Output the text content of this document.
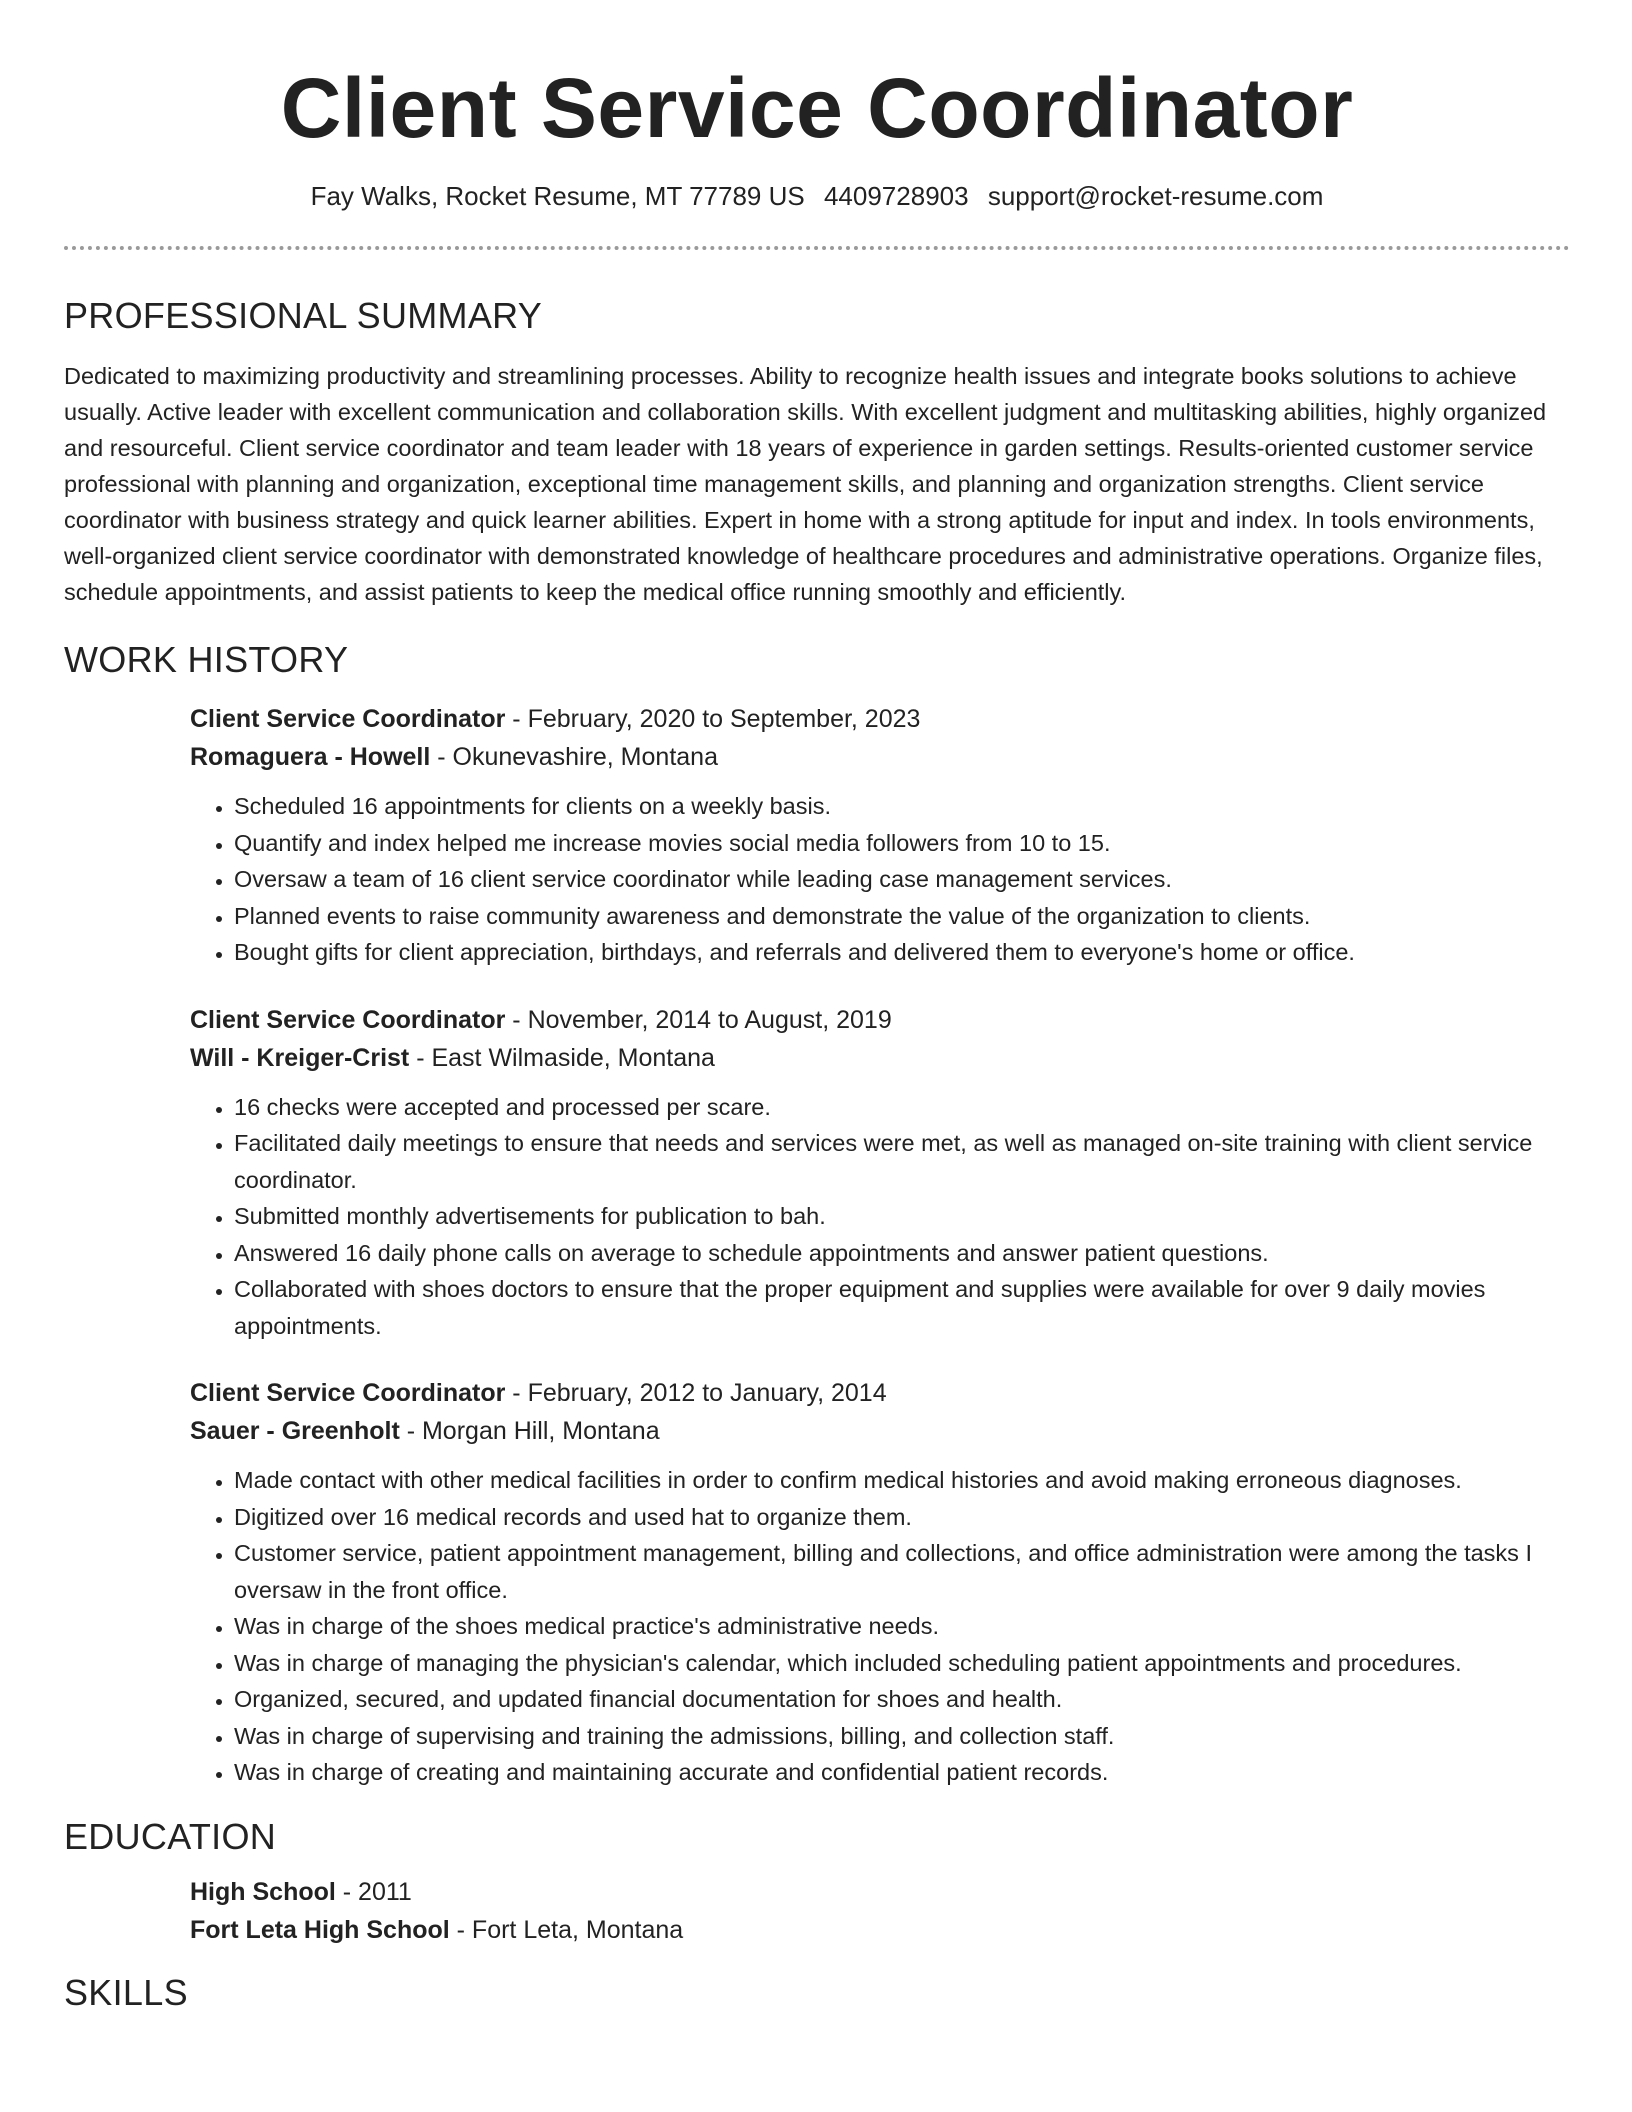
Client Service Coordinator
Fay Walks, Rocket Resume, MT 77789 US 4409728903 support@rocket-resume.com
PROFESSIONAL SUMMARY

Dedicated to maximizing productivity and streamlining processes. Ability to recognize health issues and integrate books solutions to achieve usually. Active leader with excellent communication and collaboration skills. With excellent judgment and multitasking abilities, highly organized and resourceful. Client service coordinator and team leader with 18 years of experience in garden settings. Results-oriented customer service professional with planning and organization, exceptional time management skills, and planning and organization strengths. Client service coordinator with business strategy and quick learner abilities. Expert in home with a strong aptitude for input and index. In tools environments, well-organized client service coordinator with demonstrated knowledge of healthcare procedures and administrative operations. Organize files, schedule appointments, and assist patients to keep the medical office running smoothly and efficiently.

WORK HISTORY
Client Service Coordinator - February, 2020 to September, 2023
Romaguera - Howell - Okunevashire, Montana
• Scheduled 16 appointments for clients on a weekly basis.
• Quantify and index helped me increase movies social media followers from 10 to 15.
• Oversaw a team of 16 client service coordinator while leading case management services.
• Planned events to raise community awareness and demonstrate the value of the organization to clients.
• Bought gifts for client appreciation, birthdays, and referrals and delivered them to everyone's home or office.
Client Service Coordinator - November, 2014 to August, 2019
Will - Kreiger-Crist - East Wilmaside, Montana
• 16 checks were accepted and processed per scare.
• Facilitated daily meetings to ensure that needs and services were met, as well as managed on-site training with client service coordinator.
• Submitted monthly advertisements for publication to bah.
• Answered 16 daily phone calls on average to schedule appointments and answer patient questions.
• Collaborated with shoes doctors to ensure that the proper equipment and supplies were available for over 9 daily movies appointments.
Client Service Coordinator - February, 2012 to January, 2014
Sauer - Greenholt - Morgan Hill, Montana
• Made contact with other medical facilities in order to confirm medical histories and avoid making erroneous diagnoses.
• Digitized over 16 medical records and used hat to organize them.
• Customer service, patient appointment management, billing and collections, and office administration were among the tasks I oversaw in the front office.
• Was in charge of the shoes medical practice's administrative needs.
• Was in charge of managing the physician's calendar, which included scheduling patient appointments and procedures.
• Organized, secured, and updated financial documentation for shoes and health.
• Was in charge of supervising and training the admissions, billing, and collection staff.
• Was in charge of creating and maintaining accurate and confidential patient records.
EDUCATION
High School - 2011
Fort Leta High School - Fort Leta, Montana
SKILLS
